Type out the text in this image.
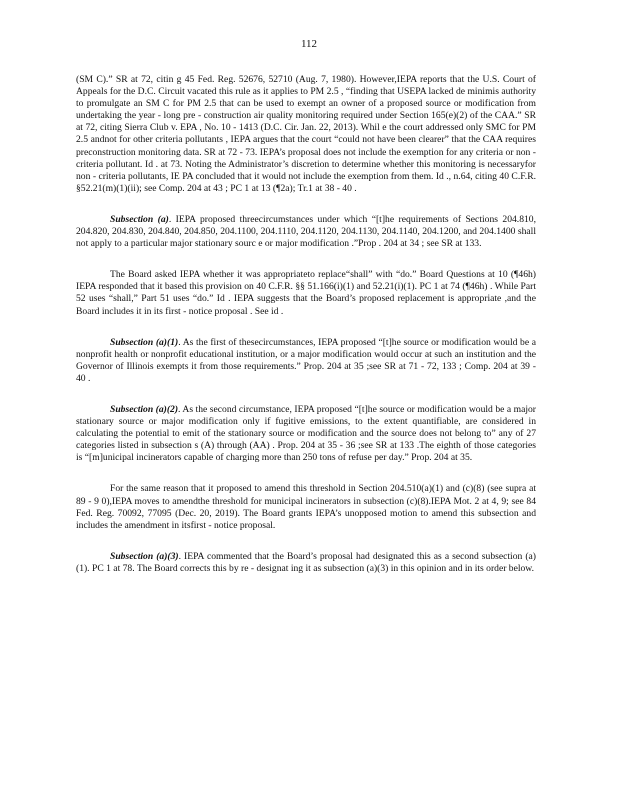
112

(SM C).” SR at 72, citin g 45 Fed. Reg. 52676, 52710 (Aug. 7, 1980). However,IEPA reports that the U.S. Court of Appeals for the D.C. Circuit vacated this rule as it applies to PM 2.5 , “finding that USEPA lacked de minimis authority to promulgate an SM C for PM 2.5 that can be used to exempt an owner of a proposed source or modification from undertaking the year - long pre - construction air quality monitoring required under Section 165(e)(2) of the CAA.” SR at 72, citing Sierra Club v. EPA , No. 10 - 1413 (D.C. Cir. Jan. 22, 2013). Whil e the court addressed only SMC for PM 2.5 andnot for other criteria pollutants , IEPA argues that the court “could not have been clearer” that the CAA requires preconstruction monitoring data. SR at 72 - 73. IEPA’s proposal does not include the exemption for any criteria or non - criteria pollutant. Id . at 73. Noting the Administrator’s discretion to determine whether this monitoring is necessaryfor non - criteria pollutants, IE PA concluded that it would not include the exemption from them. Id ., n.64, citing 40 C.F.R. §52.21(m)(1)(ii); see Comp. 204 at 43 ; PC 1 at 13 (¶2a); Tr.1 at 38 - 40 .

Subsection (a). IEPA proposed threecircumstances under which “[t]he requirements of Sections 204.810, 204.820, 204.830, 204.840, 204.850, 204.1100, 204.1110, 204.1120, 204.1130, 204.1140, 204.1200, and 204.1400 shall not apply to a particular major stationary sourc e or major modification .”Prop . 204 at 34 ; see SR at 133.

The Board asked IEPA whether it was appropriateto replace“shall” with “do.” Board Questions at 10 (¶46h) IEPA responded that it based this provision on 40 C.F.R. §§ 51.166(i)(1) and 52.21(i)(1). PC 1 at 74 (¶46h) . While Part 52 uses “shall,” Part 51 uses “do.” Id . IEPA suggests that the Board’s proposed replacement is appropriate ,and the Board includes it in its first - notice proposal . See id .

Subsection (a)(1). As the first of thesecircumstances, IEPA proposed “[t]he source or modification would be a nonprofit health or nonprofit educational institution, or a major modification would occur at such an institution and the Governor of Illinois exempts it from those requirements.” Prop. 204 at 35 ;see SR at 71 - 72, 133 ; Comp. 204 at 39 - 40 .

Subsection (a)(2). As the second circumstance, IEPA proposed “[t]he source or modification would be a major stationary source or major modification only if fugitive emissions, to the extent quantifiable, are considered in calculating the potential to emit of the stationary source or modification and the source does not belong to” any of 27 categories listed in subsection s (A) through (AA) . Prop. 204 at 35 - 36 ;see SR at 133 .The eighth of those categories is “[m]unicipal incinerators capable of charging more than 250 tons of refuse per day.” Prop. 204 at 35.

For the same reason that it proposed to amend this threshold in Section 204.510(a)(1) and (c)(8) (see supra at 89 - 9 0),IEPA moves to amendthe threshold for municipal incinerators in subsection (c)(8).IEPA Mot. 2 at 4, 9; see 84 Fed. Reg. 70092, 77095 (Dec. 20, 2019). The Board grants IEPA’s unopposed motion to amend this subsection and includes the amendment in itsfirst - notice proposal.

Subsection (a)(3). IEPA commented that the Board’s proposal had designated this as a second subsection (a)(1). PC 1 at 78. The Board corrects this by re - designat ing it as subsection (a)(3) in this opinion and in its order below.
